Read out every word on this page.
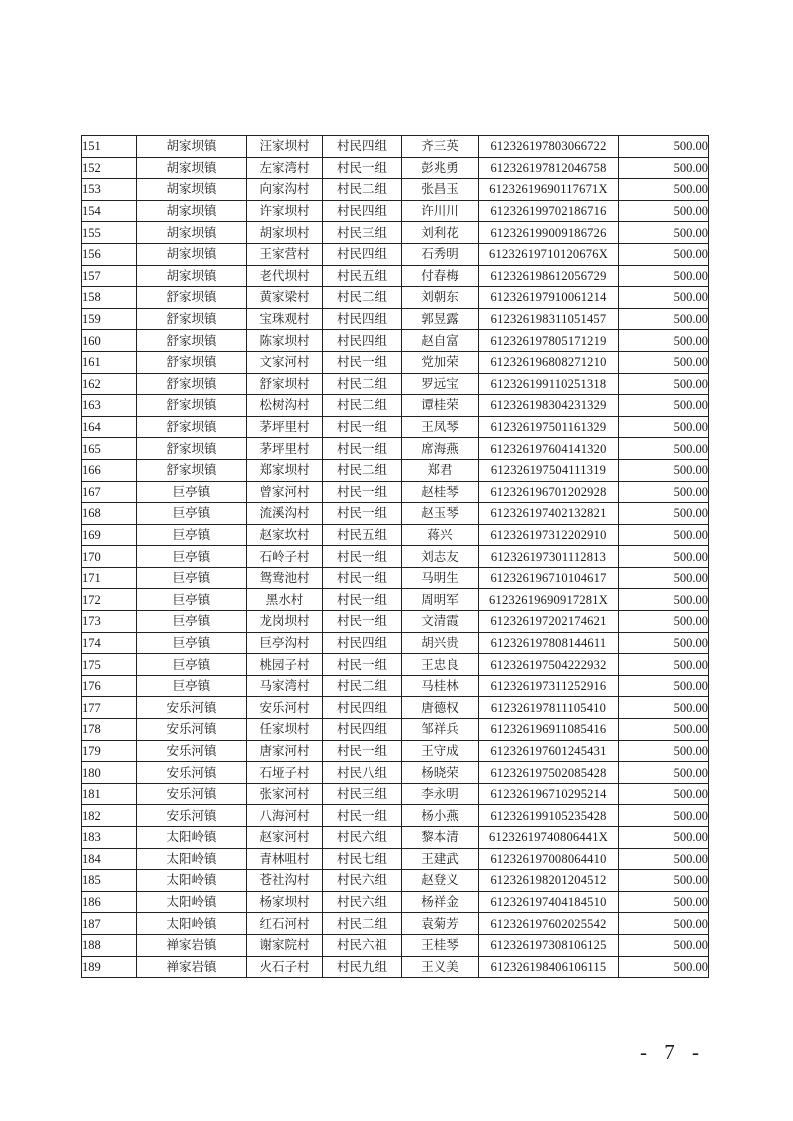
151	胡家坝镇	汪家坝村	村民四组	齐三英	612326197803066722	500.00
152	胡家坝镇	左家湾村	村民一组	彭兆勇	612326197812046758	500.00
153	胡家坝镇	向家沟村	村民二组	张昌玉	61232619690117671X	500.00
154	胡家坝镇	许家坝村	村民四组	许川川	612326199702186716	500.00
155	胡家坝镇	胡家坝村	村民三组	刘利花	612326199009186726	500.00
156	胡家坝镇	王家营村	村民四组	石秀明	61232619710120676X	500.00
157	胡家坝镇	老代坝村	村民五组	付春梅	612326198612056729	500.00
158	舒家坝镇	黄家梁村	村民二组	刘朝东	612326197910061214	500.00
159	舒家坝镇	宝珠观村	村民四组	郭昱露	612326198311051457	500.00
160	舒家坝镇	陈家坝村	村民四组	赵自富	612326197805171219	500.00
161	舒家坝镇	文家河村	村民一组	党加荣	612326196808271210	500.00
162	舒家坝镇	舒家坝村	村民二组	罗远宝	612326199110251318	500.00
163	舒家坝镇	松树沟村	村民二组	谭桂荣	612326198304231329	500.00
164	舒家坝镇	茅坪里村	村民一组	王凤琴	612326197501161329	500.00
165	舒家坝镇	茅坪里村	村民一组	席海燕	612326197604141320	500.00
166	舒家坝镇	郑家坝村	村民二组	郑君	612326197504111319	500.00
167	巨亭镇	曾家河村	村民一组	赵桂琴	612326196701202928	500.00
168	巨亭镇	流溪沟村	村民一组	赵玉琴	612326197402132821	500.00
169	巨亭镇	赵家坎村	村民五组	蒋兴	612326197312202910	500.00
170	巨亭镇	石岭子村	村民一组	刘志友	612326197301112813	500.00
171	巨亭镇	鸳鸯池村	村民一组	马明生	612326196710104617	500.00
172	巨亭镇	黑水村	村民一组	周明军	61232619690917281X	500.00
173	巨亭镇	龙岗坝村	村民一组	文清霞	612326197202174621	500.00
174	巨亭镇	巨亭沟村	村民四组	胡兴贵	612326197808144611	500.00
175	巨亭镇	桃园子村	村民一组	王忠良	612326197504222932	500.00
176	巨亭镇	马家湾村	村民二组	马桂林	612326197311252916	500.00
177	安乐河镇	安乐河村	村民四组	唐德权	612326197811105410	500.00
178	安乐河镇	任家坝村	村民四组	邹祥兵	612326196911085416	500.00
179	安乐河镇	唐家河村	村民一组	王守成	612326197601245431	500.00
180	安乐河镇	石垭子村	村民八组	杨晓荣	612326197502085428	500.00
181	安乐河镇	张家河村	村民三组	李永明	612326196710295214	500.00
182	安乐河镇	八海河村	村民一组	杨小燕	612326199105235428	500.00
183	太阳岭镇	赵家河村	村民六组	黎本清	61232619740806441X	500.00
184	太阳岭镇	青林咀村	村民七组	王建武	612326197008064410	500.00
185	太阳岭镇	苍社沟村	村民六组	赵登义	612326198201204512	500.00
186	太阳岭镇	杨家坝村	村民六组	杨祥金	612326197404184510	500.00
187	太阳岭镇	红石河村	村民二组	袁菊芳	612326197602025542	500.00
188	禅家岩镇	谢家院村	村民六祖	王桂琴	612326197308106125	500.00
189	禅家岩镇	火石子村	村民九组	王义美	612326198406106115	500.00
- 7 -
